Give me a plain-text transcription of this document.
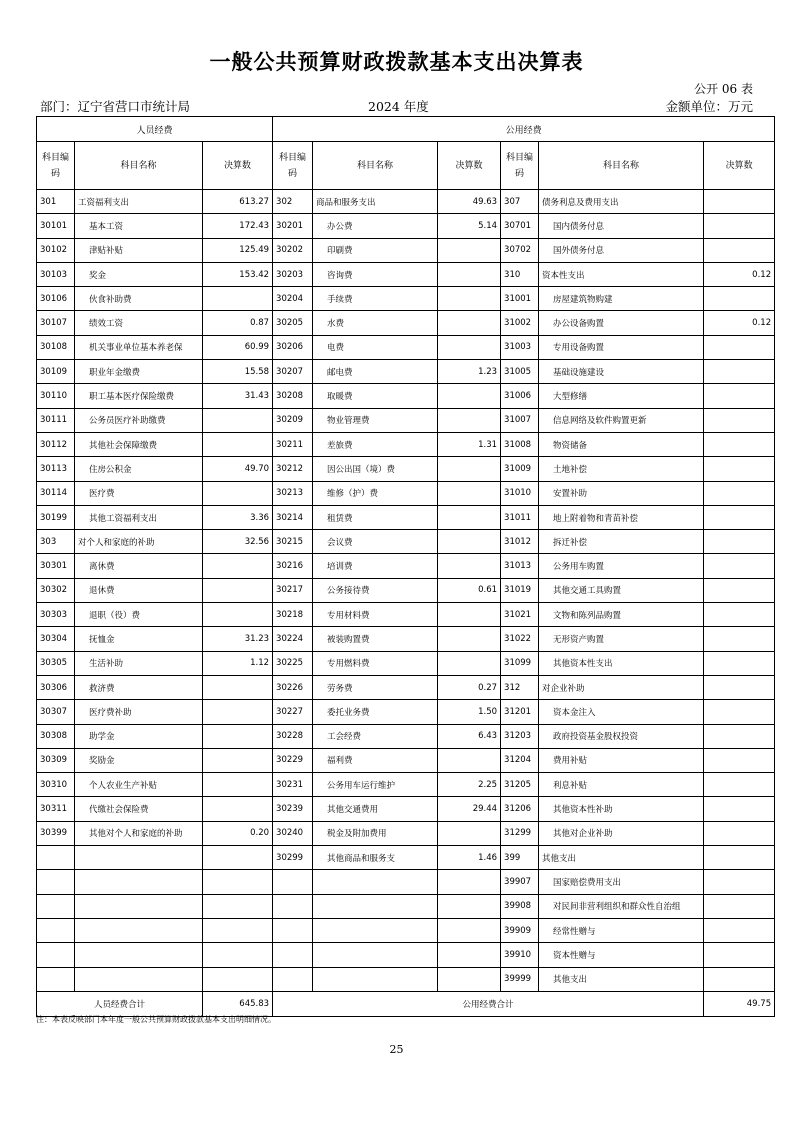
一般公共预算财政拨款基本支出决算表
公开 06 表
部门：辽宁省营口市统计局	2024 年度	金额单位：万元
人员经费			公用经费					
科目编码	科目名称	决算数	科目编码	科目名称	决算数	科目编码	科目名称	决算数
301	工资福利支出	613.27	302	商品和服务支出	49.63	307	债务利息及费用支出	
30101	基本工资	172.43	30201	办公费	5.14	30701	国内债务付息	
30102	津贴补贴	125.49	30202	印刷费		30702	国外债务付息	
30103	奖金	153.42	30203	咨询费		310	资本性支出	0.12
30106	伙食补助费		30204	手续费		31001	房屋建筑物购建	
30107	绩效工资	0.87	30205	水费		31002	办公设备购置	0.12
30108	机关事业单位基本养老保	60.99	30206	电费		31003	专用设备购置	
30109	职业年金缴费	15.58	30207	邮电费	1.23	31005	基础设施建设	
30110	职工基本医疗保险缴费	31.43	30208	取暖费		31006	大型修缮	
30111	公务员医疗补助缴费		30209	物业管理费		31007	信息网络及软件购置更新	
30112	其他社会保障缴费		30211	差旅费	1.31	31008	物资储备	
30113	住房公积金	49.70	30212	因公出国（境）费		31009	土地补偿	
30114	医疗费		30213	维修（护）费		31010	安置补助	
30199	其他工资福利支出	3.36	30214	租赁费		31011	地上附着物和青苗补偿	
303	对个人和家庭的补助	32.56	30215	会议费		31012	拆迁补偿	
30301	离休费		30216	培训费		31013	公务用车购置	
30302	退休费		30217	公务接待费	0.61	31019	其他交通工具购置	
30303	退职（役）费		30218	专用材料费		31021	文物和陈列品购置	
30304	抚恤金	31.23	30224	被装购置费		31022	无形资产购置	
30305	生活补助	1.12	30225	专用燃料费		31099	其他资本性支出	
30306	救济费		30226	劳务费	0.27	312	对企业补助	
30307	医疗费补助		30227	委托业务费	1.50	31201	资本金注入	
30308	助学金		30228	工会经费	6.43	31203	政府投资基金股权投资	
30309	奖励金		30229	福利费		31204	费用补贴	
30310	个人农业生产补贴		30231	公务用车运行维护	2.25	31205	利息补贴	
30311	代缴社会保险费		30239	其他交通费用	29.44	31206	其他资本性补助	
30399	其他对个人和家庭的补助	0.20	30240	税金及附加费用		31299	其他对企业补助	
			30299	其他商品和服务支	1.46	399	其他支出	
						39907	国家赔偿费用支出	
						39908	对民间非营利组织和群众性自治组	
						39909	经常性赠与	
						39910	资本性赠与	
						39999	其他支出	
人员经费合计		645.83	公用经费合计					49.75
注：本表反映部门本年度一般公共预算财政拨款基本支出明细情况。
25
